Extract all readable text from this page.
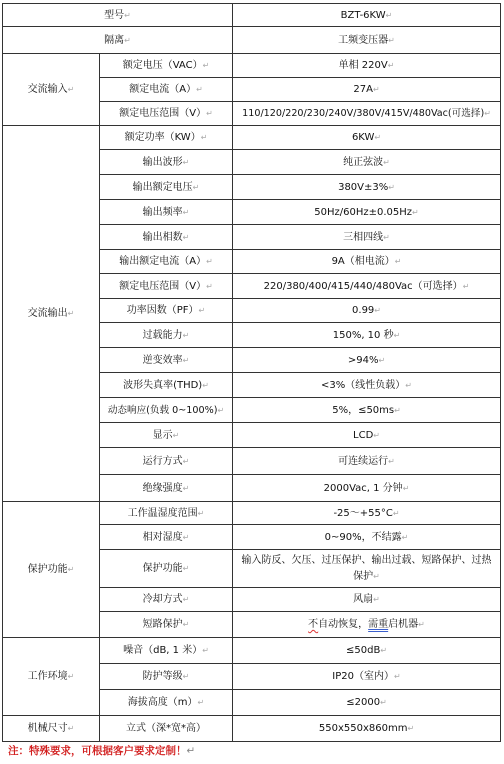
型号↵		BZT-6KW↵
隔离↵		工频变压器↵
交流输入↵	额定电压（VAC）↵	单相 220V↵
	额定电流（A）↵	27A↵
	额定电压范围（V）↵	110/120/220/230/240V/380V/415V/480Vac(可选择)↵
交流输出↵	额定功率（KW）↵	6KW↵
	输出波形↵	纯正弦波↵
	输出额定电压↵	380V±3%↵
	输出频率↵	50Hz/60Hz±0.05Hz↵
	输出相数↵	三相四线↵
	输出额定电流（A）↵	9A（相电流）↵
	额定电压范围（V）↵	220/380/400/415/440/480Vac（可选择）↵
	功率因数（PF）↵	0.99↵
	过载能力↵	150%, 10 秒↵
	逆变效率↵	>94%↵
	波形失真率(THD)↵	<3%（线性负载）↵
	动态响应(负载 0~100%)↵	5%，≤50ms↵
	显示↵	LCD↵
	运行方式↵	可连续运行↵
	绝缘强度↵	2000Vac, 1 分钟↵
保护功能↵	工作温湿度范围↵	-25～+55°C↵
	相对湿度↵	0~90%，不结露↵
	保护功能↵	输入防反、欠压、过压保护、输出过载、短路保护、过热保护↵
	冷却方式↵	风扇↵
	短路保护↵	不自动恢复，需重启机器↵
工作环境↵	噪音（dB, 1 米）↵	≤50dB↵
	防护等级↵	IP20（室内）↵
	海拔高度（m）↵	≤2000↵
机械尺寸↵	立式（深*宽*高）	550x550x860mm↵
注：特殊要求，可根据客户要求定制！↵
